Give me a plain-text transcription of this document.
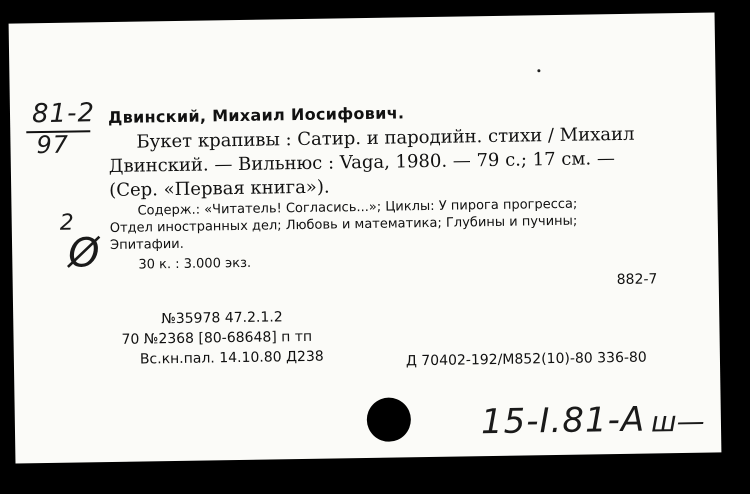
81-2
97
Двинский, Михаил Иосифович.
Букет крапивы : Сатир. и пародийн. стихи / Михаил
Двинский. — Вильнюс : Vaga, 1980. — 79 с.; 17 см. —
(Сер. «Первая книга»).
2
Ø
Содерж.: «Читатель! Согласись...»; Циклы: У пирога прогресса;
Отдел иностранных дел; Любовь и математика; Глубины и пучины;
Эпитафии.
30 к. : 3.000 экз.
882-7
№35978 47.2.1.2
70 №2368 [80-68648] п тп
Вс.кн.пал. 14.10.80 Д238	Д 70402-192/М852(10)-80 336-80
15-I.81-А ш—
